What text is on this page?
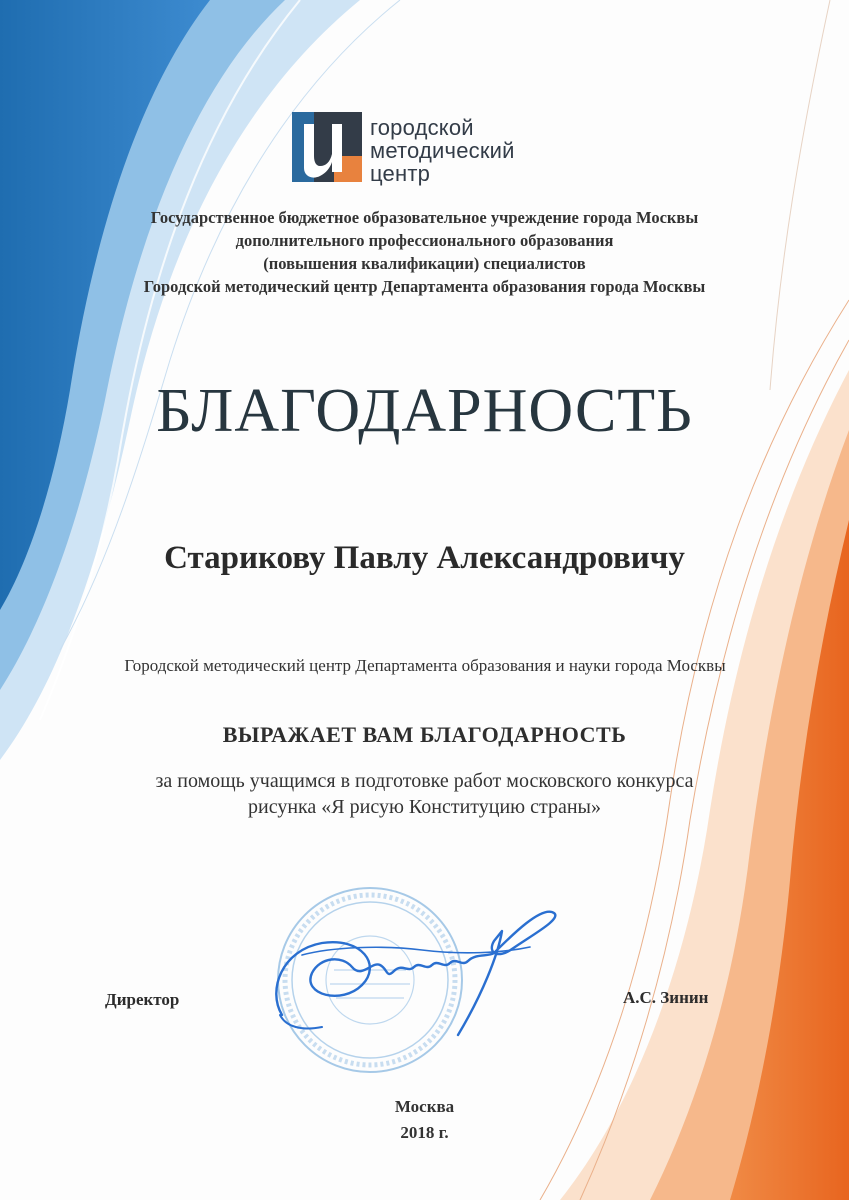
городской
методический
центр
Государственное бюджетное образовательное учреждение города Москвы
дополнительного профессионального образования
(повышения квалификации) специалистов
Городской методический центр Департамента образования города Москвы
БЛАГОДАРНОСТЬ
Старикову Павлу Александровичу
Городской методический центр Департамента образования и науки города Москвы
ВЫРАЖАЕТ ВАМ БЛАГОДАРНОСТЬ
за помощь учащимся в подготовке работ московского конкурса
рисунка «Я рисую Конституцию страны»
Директор	А.С. Зинин
Москва
2018 г.
